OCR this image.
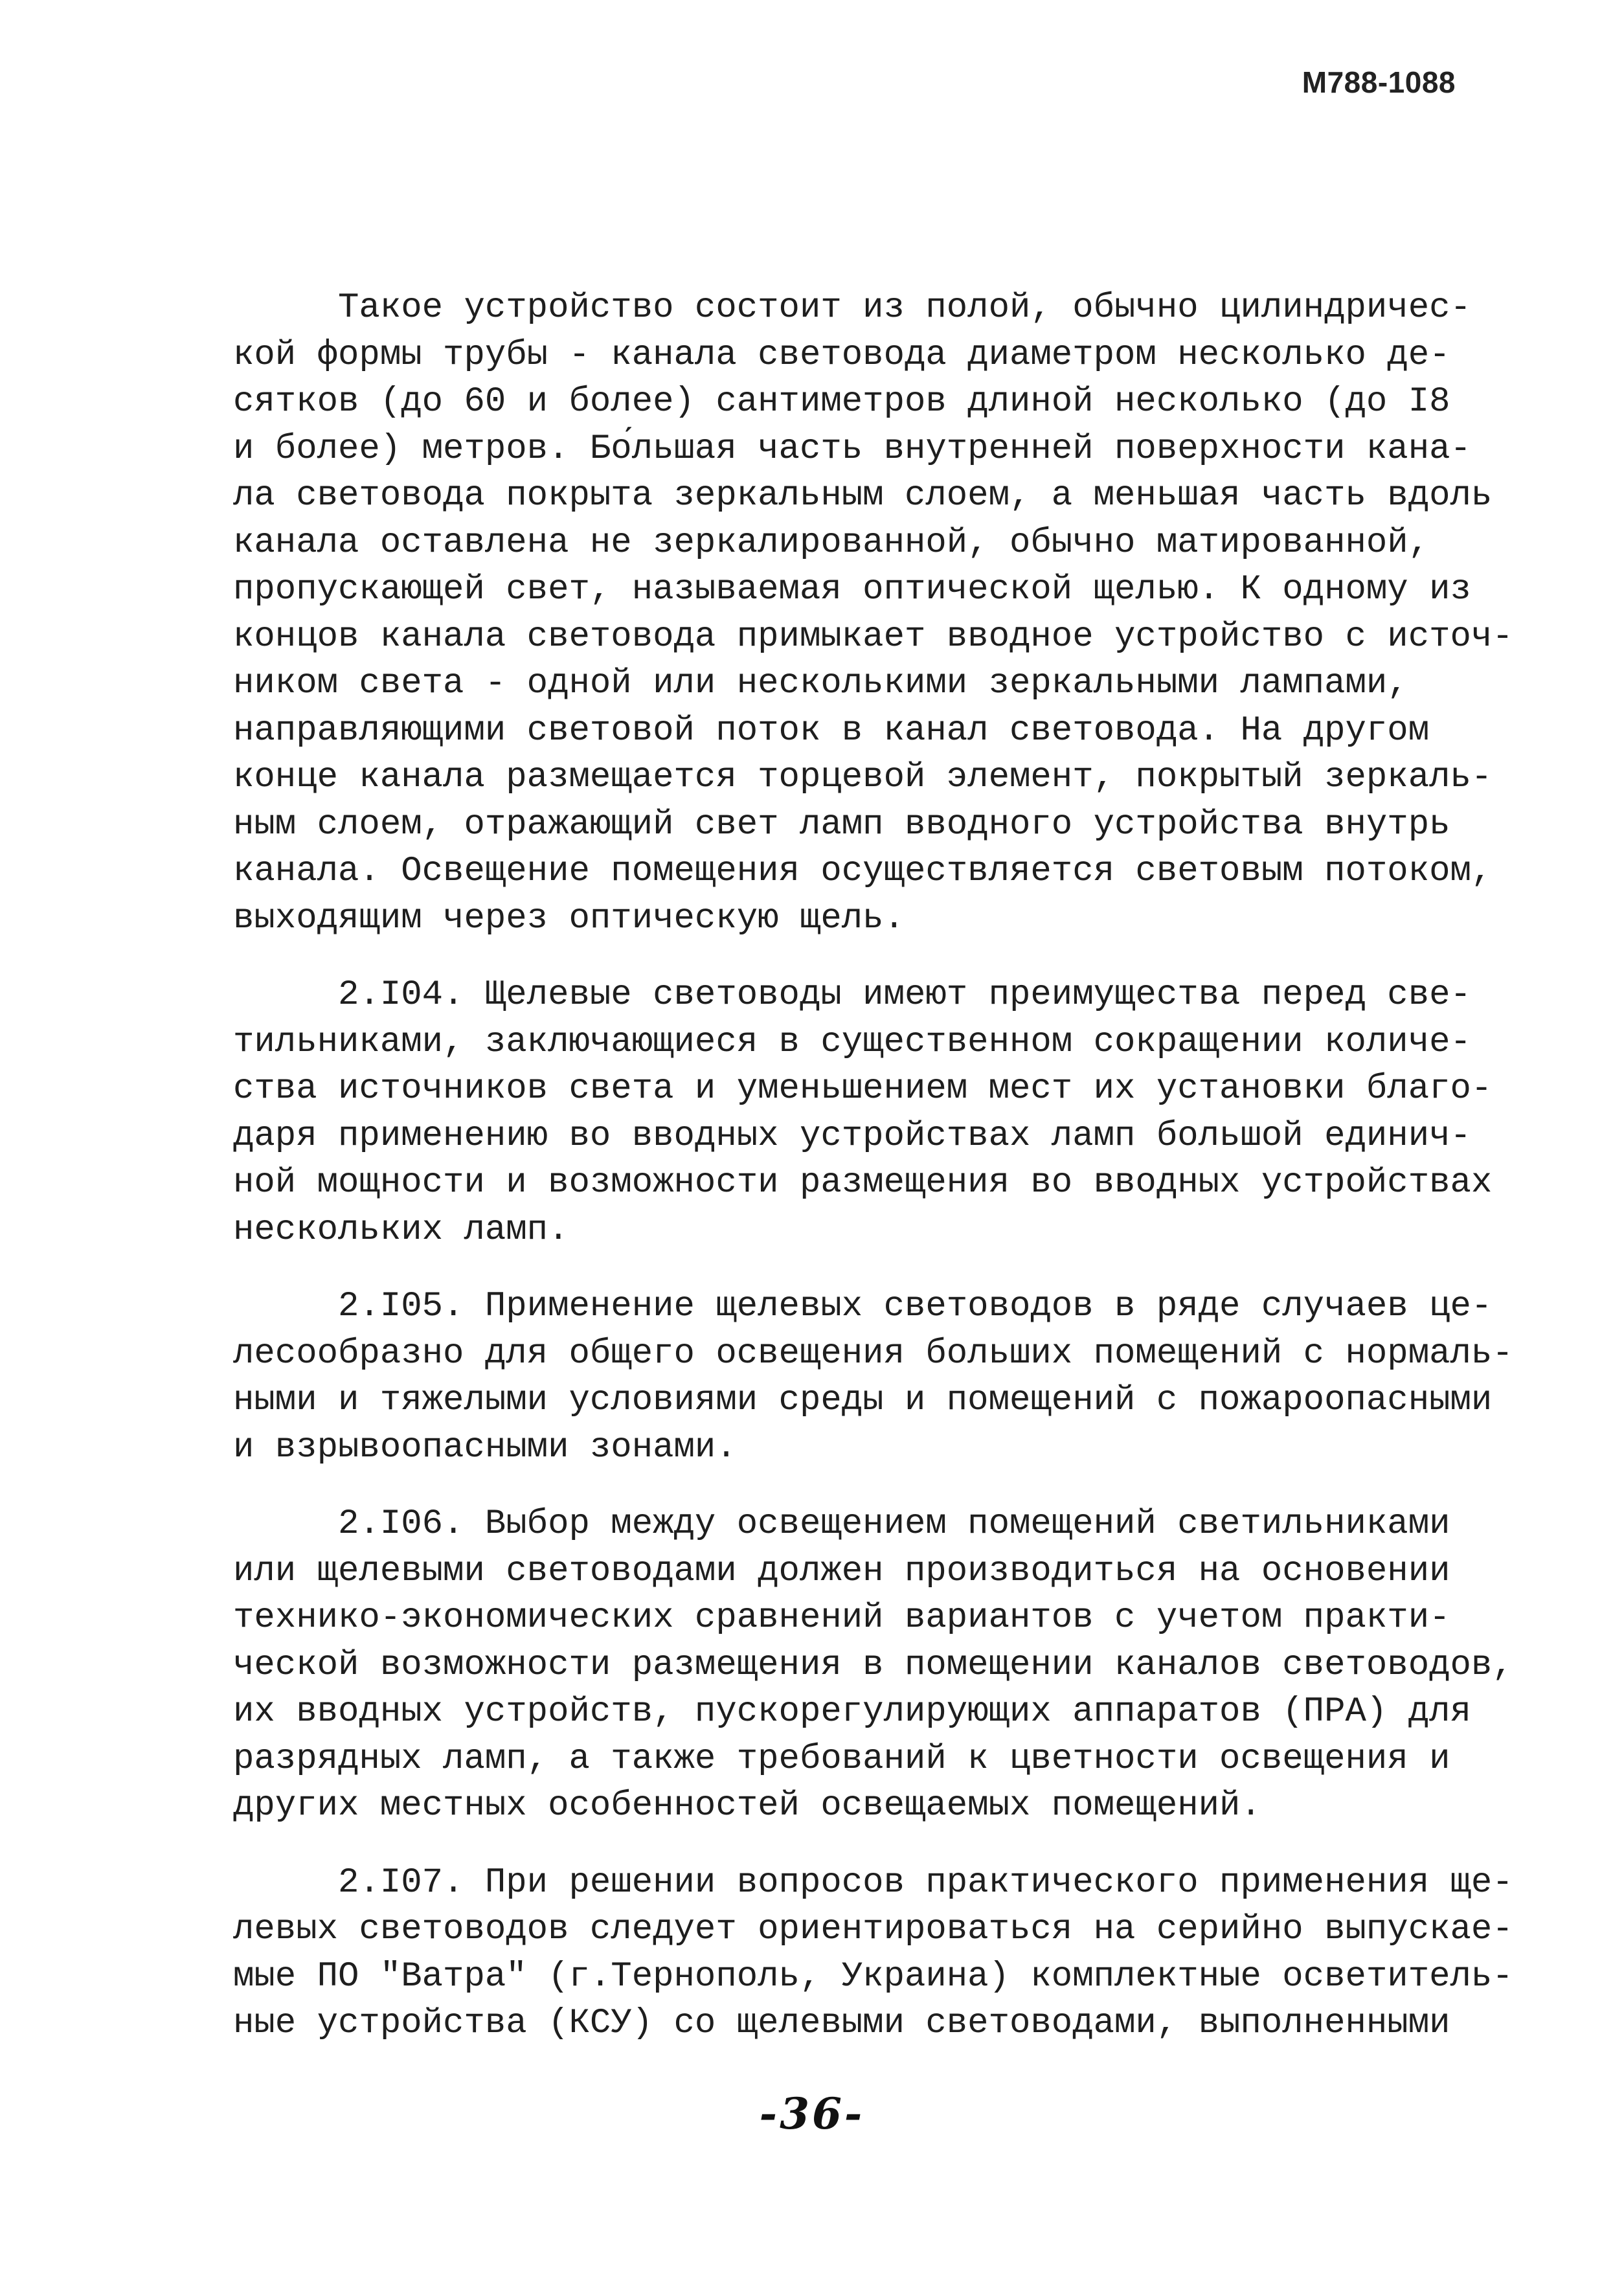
M788-1088
Такое устройство состоит из полой, обычно цилиндричес-
кой формы трубы - канала световода диаметром несколько де-
сятков (до 60 и более) сантиметров длиной несколько (до I8
и более) метров. Бо́льшая часть внутренней поверхности кана-
ла световода покрыта зеркальным слоем, а меньшая часть вдоль
канала оставлена не зеркалированной, обычно матированной,
пропускающей свет, называемая оптической щелью. К одному из
концов канала световода примыкает вводное устройство с источ-
ником света - одной или несколькими зеркальными лампами,
направляющими световой поток в канал световода. На другом
конце канала размещается торцевой элемент, покрытый зеркаль-
ным слоем, отражающий свет ламп вводного устройства внутрь
канала. Освещение помещения осуществляется световым потоком,
выходящим через оптическую щель.
2.I04. Щелевые световоды имеют преимущества перед све-
тильниками, заключающиеся в существенном сокращении количе-
ства источников света и уменьшением мест их установки благо-
даря применению во вводных устройствах ламп большой единич-
ной мощности и возможности размещения во вводных устройствах
нескольких ламп.
2.I05. Применение щелевых световодов в ряде случаев це-
лесообразно для общего освещения больших помещений с нормаль-
ными и тяжелыми условиями среды и помещений с пожароопасными
и взрывоопасными зонами.
2.I06. Выбор между освещением помещений светильниками
или щелевыми световодами должен производиться на основении
технико-экономических сравнений вариантов с учетом практи-
ческой возможности размещения в помещении каналов световодов,
их вводных устройств, пускорегулирующих аппаратов (ПРА) для
разрядных ламп, а также требований к цветности освещения и
других местных особенностей освещаемых помещений.
2.I07. При решении вопросов практического применения ще-
левых световодов следует ориентироваться на серийно выпускае-
мые ПО "Ватра" (г.Тернополь, Украина) комплектные осветитель-
ные устройства (КСУ) со щелевыми световодами, выполненными
-36-
